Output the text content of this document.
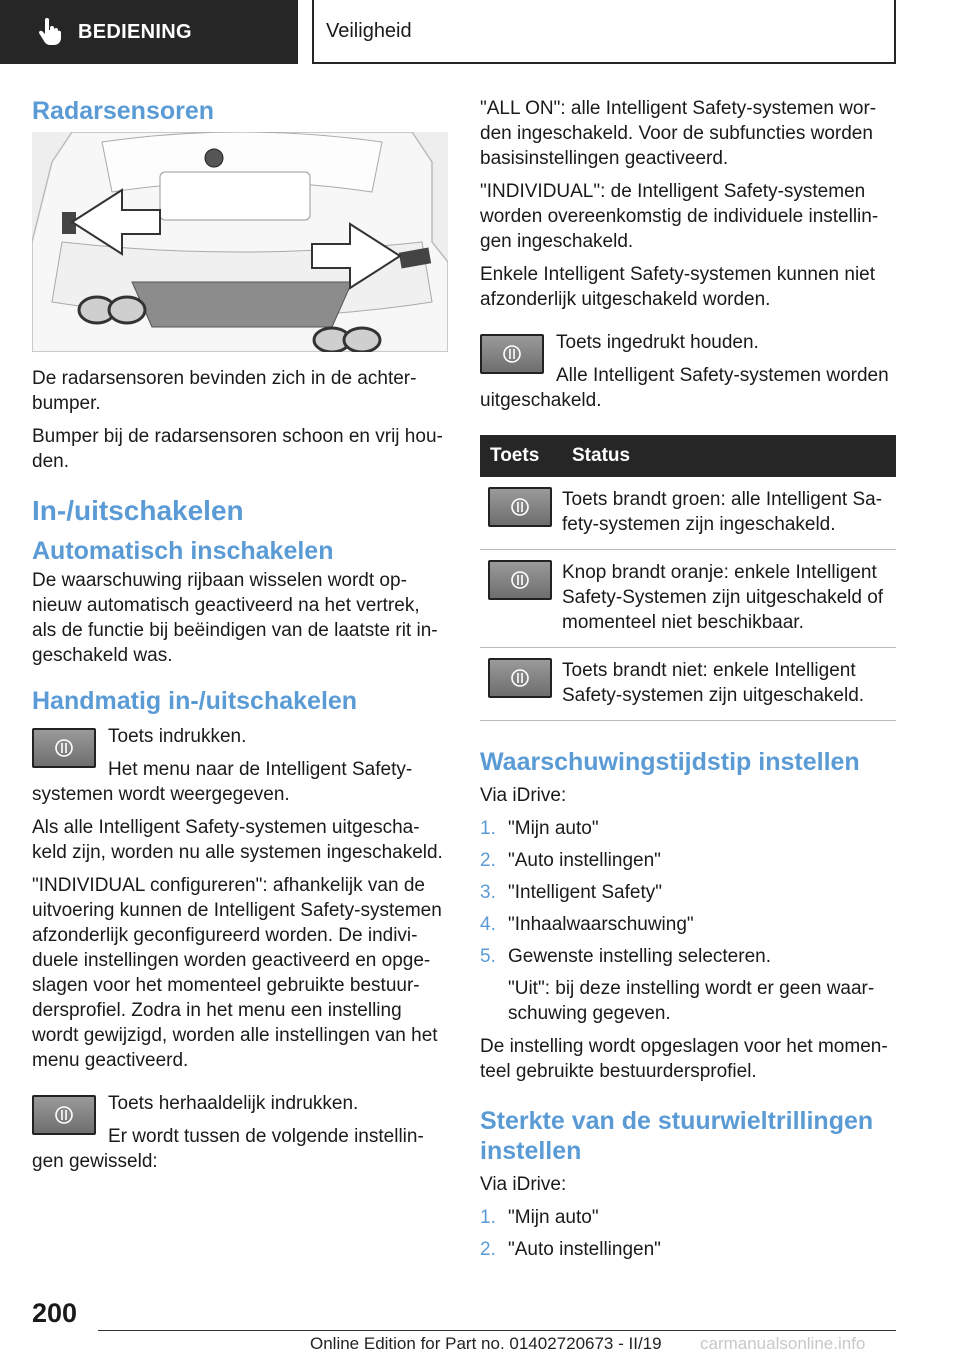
BEDIENING	Veiligheid
Radarsensoren

De radarsensoren bevinden zich in de achterbumper.

Bumper bij de radarsensoren schoon en vrij houden.

In-/uitschakelen
Automatisch inschakelen

De waarschuwing rijbaan wisselen wordt opnieuw automatisch geactiveerd na het vertrek, als de functie bij beëindigen van de laatste rit ingeschakeld was.

Handmatig in-/uitschakelen

Toets indrukken.

Het menu naar de Intelligent Safety-systemen wordt weergegeven.

Als alle Intelligent Safety-systemen uitgeschakeld zijn, worden nu alle systemen ingeschakeld.

"INDIVIDUAL configureren": afhankelijk van de uitvoering kunnen de Intelligent Safety-systemen afzonderlijk geconfigureerd worden. De individuele instellingen worden geactiveerd en opgeslagen voor het momenteel gebruikte bestuurdersprofiel. Zodra in het menu een instelling wordt gewijzigd, worden alle instellingen van het menu geactiveerd.

Toets herhaaldelijk indrukken.

Er wordt tussen de volgende instellingen gewisseld:

"ALL ON": alle Intelligent Safety-systemen worden ingeschakeld. Voor de subfuncties worden basisinstellingen geactiveerd.

"INDIVIDUAL": de Intelligent Safety-systemen worden overeenkomstig de individuele instellingen ingeschakeld.

Enkele Intelligent Safety-systemen kunnen niet afzonderlijk uitgeschakeld worden.

Toets ingedrukt houden.

Alle Intelligent Safety-systemen worden uitgeschakeld.

Toets	Status

	Toets brandt groen: alle Intelligent Safety-systemen zijn ingeschakeld.

	Knop brandt oranje: enkele Intelligent Safety-Systemen zijn uitgeschakeld of momenteel niet beschikbaar.

	Toets brandt niet: enkele Intelligent Safety-systemen zijn uitgeschakeld.
Waarschuwingstijdstip instellen

Via iDrive:

1. "Mijn auto"
2. "Auto instellingen"
3. "Intelligent Safety"
4. "Inhaalwaarschuwing"
5. Gewenste instelling selecteren.

"Uit": bij deze instelling wordt er geen waarschuwing gegeven.

De instelling wordt opgeslagen voor het momenteel gebruikte bestuurdersprofiel.

Sterkte van de stuurwieltrillingen instellen

Via iDrive:

1. "Mijn auto"
2. "Auto instellingen"
200
Online Edition for Part no. 01402720673 - II/19 carmanualsonline.info
